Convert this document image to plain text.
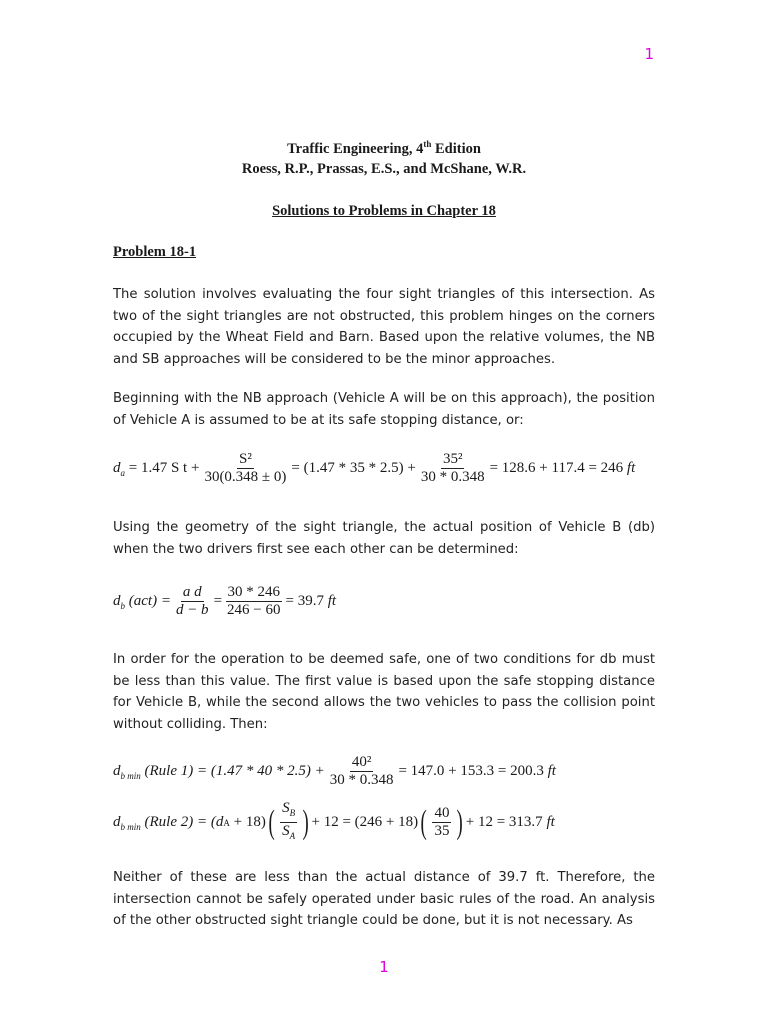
1
Traffic Engineering, 4th Edition
Roess, R.P., Prassas, E.S., and McShane, W.R.
Solutions to Problems in Chapter 18
Problem 18-1
The solution involves evaluating the four sight triangles of this intersection. As two of the sight triangles are not obstructed, this problem hinges on the corners occupied by the Wheat Field and Barn. Based upon the relative volumes, the NB and SB approaches will be considered to be the minor approaches.
Beginning with the NB approach (Vehicle A will be on this approach), the position of Vehicle A is assumed to be at its safe stopping distance, or:
$d_a$
= 1.47 S $t + \frac{\text{S²}}{30(0.348 \pm 0)} = (1.47 * 35 * 2.5) + \frac{\text{35²}}{30 * 0.348} = 128.6 + 117.4 = 246$
ft
Using the geometry of the sight triangle, the actual position of Vehicle B (db) when the two drivers first see each other can be determined:
$d_b$
$(act) = \frac{\text{a d}}{d - b} = \frac{30 * 246}{246 - 60} = 39.7$
ft
In order for the operation to be deemed safe, one of two conditions for db must be less than this value. The first value is based upon the safe stopping distance for Vehicle B, while the second allows the two vehicles to pass the collision point without colliding. Then:
$d_{b min}$
(Rule $1) = (1.47 * 40 * 2.5) + \frac{\text{40²}}{30 * 0.348} = 147.0 + 153.3 = 200.3$
ft
$d_{b min}$
(Rule 2) = (d A
+ 18) ( $\frac{S_B}{S_A}$ ) + 12 = (246 + 18) ( $\frac{40}{35}$ ) + 12 = 313.7
ft
Neither of these are less than the actual distance of 39.7 ft. Therefore, the intersection cannot be safely operated under basic rules of the road. An analysis of the other obstructed sight triangle could be done, but it is not necessary. As
1
